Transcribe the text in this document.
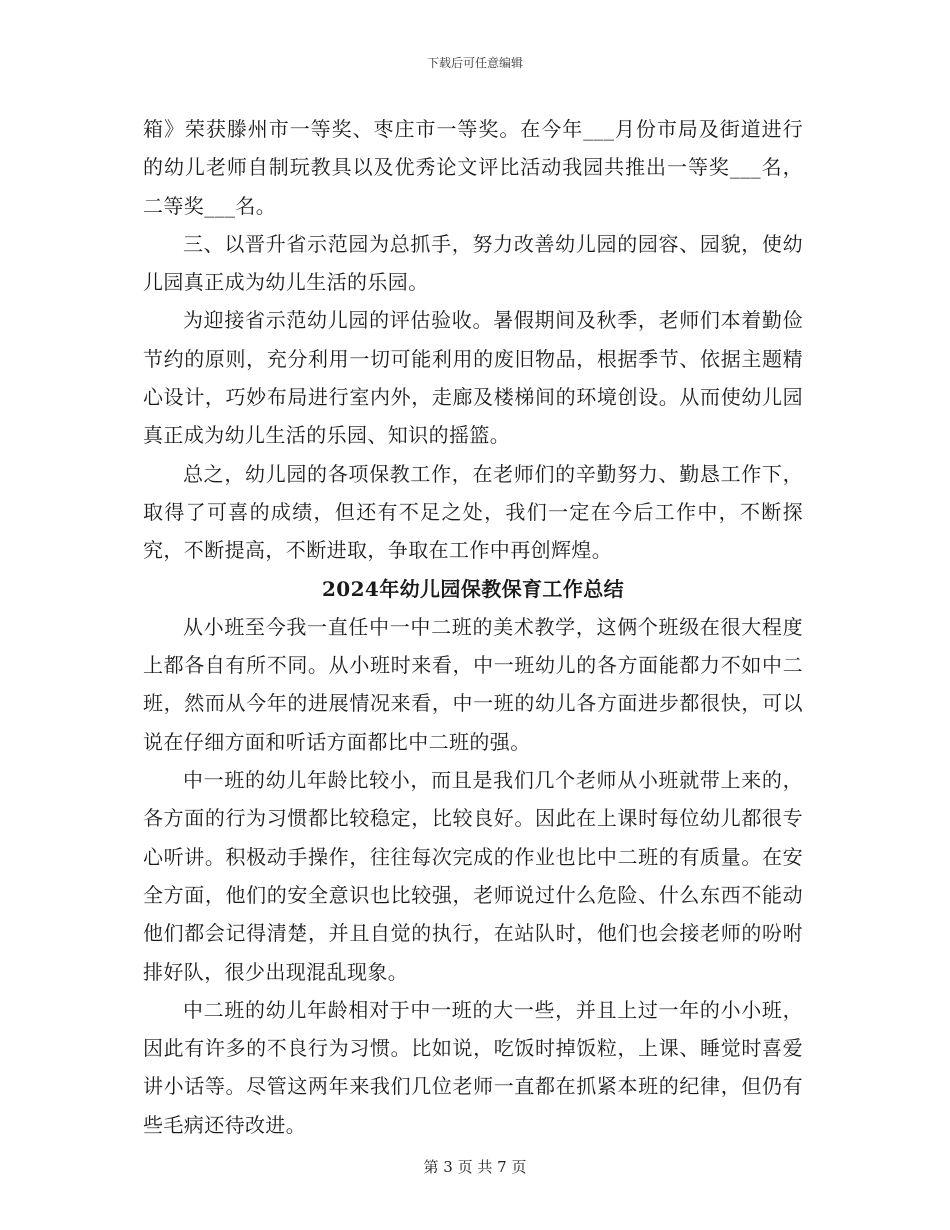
下载后可任意编辑

箱》荣获滕州市一等奖、枣庄市一等奖。在今年___月份市局及街道进行的幼儿老师自制玩教具以及优秀论文评比活动我园共推出一等奖___名，二等奖___名。

三、以晋升省示范园为总抓手，努力改善幼儿园的园容、园貌，使幼儿园真正成为幼儿生活的乐园。

为迎接省示范幼儿园的评估验收。暑假期间及秋季，老师们本着勤俭节约的原则，充分利用一切可能利用的废旧物品，根据季节、依据主题精心设计，巧妙布局进行室内外，走廊及楼梯间的环境创设。从而使幼儿园真正成为幼儿生活的乐园、知识的摇篮。

总之，幼儿园的各项保教工作，在老师们的辛勤努力、勤恳工作下，取得了可喜的成绩，但还有不足之处，我们一定在今后工作中，不断探究，不断提高，不断进取，争取在工作中再创辉煌。

2024年幼儿园保教保育工作总结

从小班至今我一直任中一中二班的美术教学，这俩个班级在很大程度上都各自有所不同。从小班时来看，中一班幼儿的各方面能都力不如中二班，然而从今年的进展情况来看，中一班的幼儿各方面进步都很快，可以说在仔细方面和听话方面都比中二班的强。

中一班的幼儿年龄比较小，而且是我们几个老师从小班就带上来的，各方面的行为习惯都比较稳定，比较良好。因此在上课时每位幼儿都很专心听讲。积极动手操作，往往每次完成的作业也比中二班的有质量。在安全方面，他们的安全意识也比较强，老师说过什么危险、什么东西不能动他们都会记得清楚，并且自觉的执行，在站队时，他们也会接老师的吩咐排好队，很少出现混乱现象。

中二班的幼儿年龄相对于中一班的大一些，并且上过一年的小小班，因此有许多的不良行为习惯。比如说，吃饭时掉饭粒，上课、睡觉时喜爱讲小话等。尽管这两年来我们几位老师一直都在抓紧本班的纪律，但仍有些毛病还待改进。

第 3 页 共 7 页
